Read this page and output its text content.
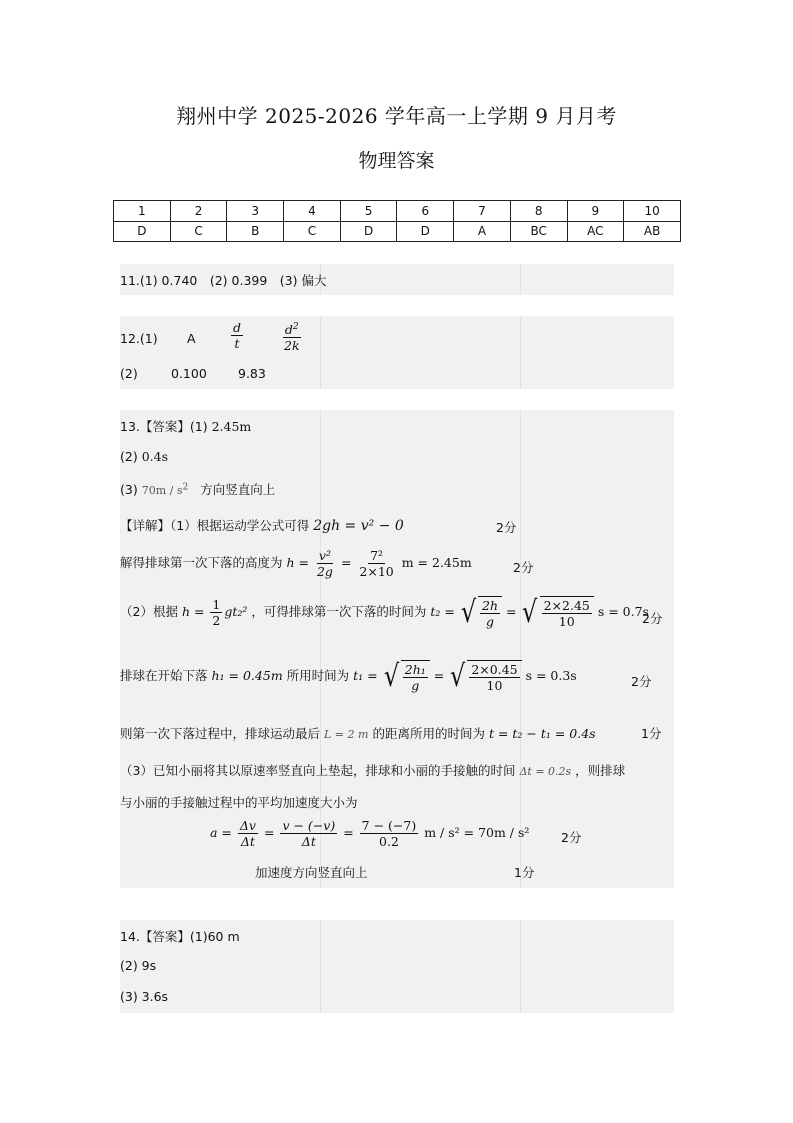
翔州中学 2025-2026 学年高一上学期 9 月月考
物理答案
1	2	3	4	5	6	7	8	9	10
D	C	B	C	D	D	A	BC	AC	AB
11.(1) 0.740　(2) 0.399　(3) 偏大
12.(1) A	$\frac{d}{t}$	$\frac{d^2}{2k}$
(2)	0.100 9.83
13.【答案】(1) 2.45m
(2) 0.4s
(3) $70m / s^2$ 方向竖直向上
【详解】（1）根据运动学公式可得 2gh = v² − 0	2分
解得排球第一次下落的高度为 $h = \frac{\text{v²}}{2g} = \frac{\text{7²}}{2\times 10}$ m = 2.45m	2分
（2）根据 $h = \frac{1}{2} gt_2^2$ ，可得排球第一次下落的时间为 t₂ = √ $\frac{2h}{g}$ = √ $\frac{2\times 2.45}{10}$ s = 0.7s
2分
排球在开始下落 h₁ = 0.45m 所用时间为 t₁ = √ $\frac{\text{2h₁}}{g}$ = √ $\frac{2\times 0.45}{10}$ s = 0.3s	2分
则第一次下落过程中，排球运动最后 L = 2 m 的距离所用的时间为 t = t₂ − t₁ = 0.4s	1分
（3）已知小丽将其以原速率竖直向上垫起，排球和小丽的手接触的时间 Δt = 0.2s ，则排球
与小丽的手接触过程中的平均加速度大小为
$a = \frac{\Delta v}{\Delta t} = \frac{v - (-v)}{\Delta t} = \frac{7 - (-7)}{0.2}$ m / s² = 70m / s²	2分
加速度方向竖直向上	1分
14.【答案】(1)60 m
(2) 9s
(3) 3.6s
